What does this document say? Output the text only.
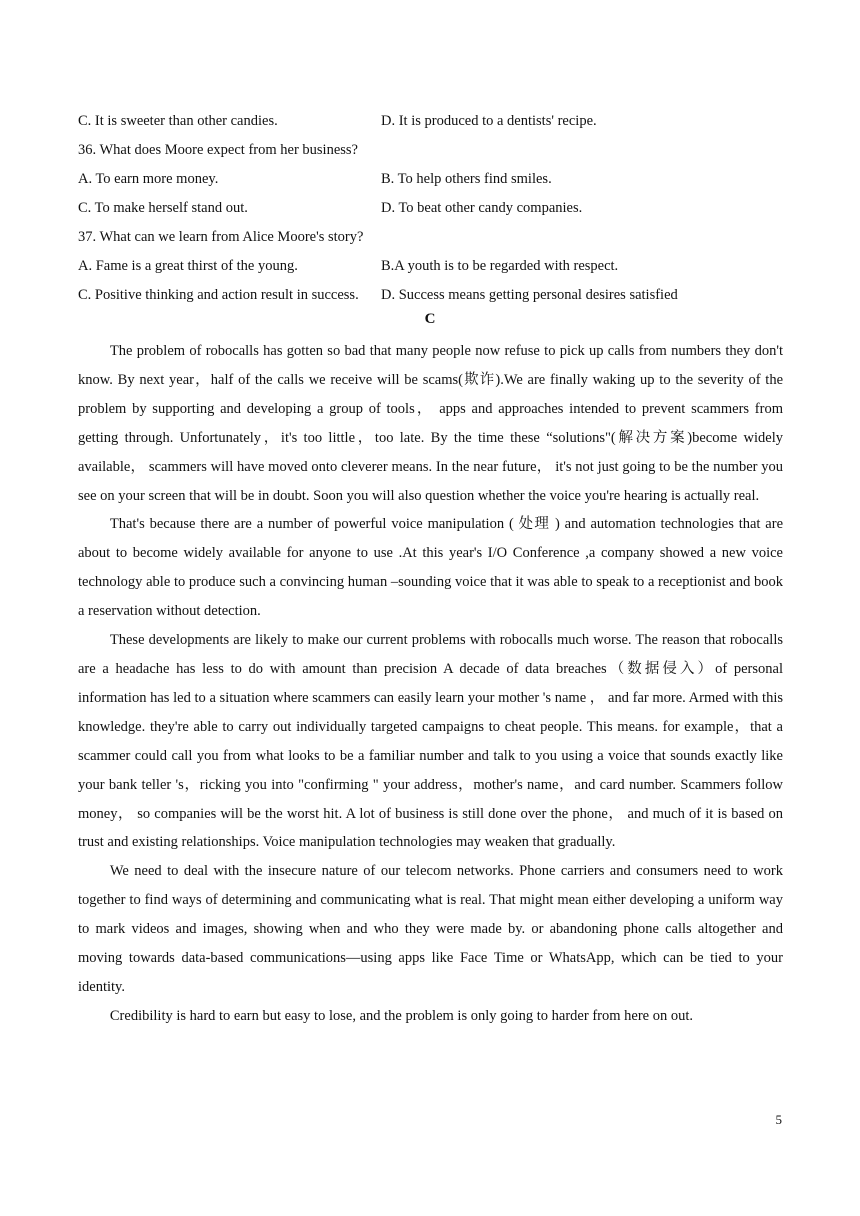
C. It is sweeter than other candies.	D. It is produced to a dentists' recipe.
36. What does Moore expect from her business?
A. To earn more money.	B. To help others find smiles.
C. To make herself stand out.	D. To beat other candy companies.
37. What can we learn from Alice Moore's story?
A. Fame is a great thirst of the young.	B.A youth is to be regarded with respect.
C. Positive thinking and action result in success. D. Success means getting personal desires satisfied
C

The problem of robocalls has gotten so bad that many people now refuse to pick up calls from numbers they don't know. By next year，half of the calls we receive will be scams(欺诈).We are finally waking up to the severity of the problem by supporting and developing a group of tools， apps and approaches intended to prevent scammers from getting through. Unfortunately，it's too little，too late. By the time these “solutions"(解决方案)become widely available， scammers will have moved onto cleverer means. In the near future， it's not just going to be the number you see on your screen that will be in doubt. Soon you will also question whether the voice you're hearing is actually real.

That's because there are a number of powerful voice manipulation ( 处理 ) and automation technologies that are about to become widely available for anyone to use .At this year's I/O Conference ,a company showed a new voice technology able to produce such a convincing human –sounding voice that it was able to speak to a receptionist and book a reservation without detection.

These developments are likely to make our current problems with robocalls much worse. The reason that robocalls are a headache has less to do with amount than precision A decade of data breaches（数据侵入）of personal information has led to a situation where scammers can easily learn your mother 's name ， and far more. Armed with this knowledge. they're able to carry out individually targeted campaigns to cheat people. This means. for example，that a scammer could call you from what looks to be a familiar number and talk to you using a voice that sounds exactly like your bank teller 's，ricking you into "confirming " your address，mother's name，and card number. Scammers follow money， so companies will be the worst hit. A lot of business is still done over the phone， and much of it is based on trust and existing relationships. Voice manipulation technologies may weaken that gradually.

We need to deal with the insecure nature of our telecom networks. Phone carriers and consumers need to work together to find ways of determining and communicating what is real. That might mean either developing a uniform way to mark videos and images, showing when and who they were made by. or abandoning phone calls altogether and moving towards data-based communications—using apps like Face Time or WhatsApp, which can be tied to your identity.

Credibility is hard to earn but easy to lose, and the problem is only going to harder from here on out.

5
